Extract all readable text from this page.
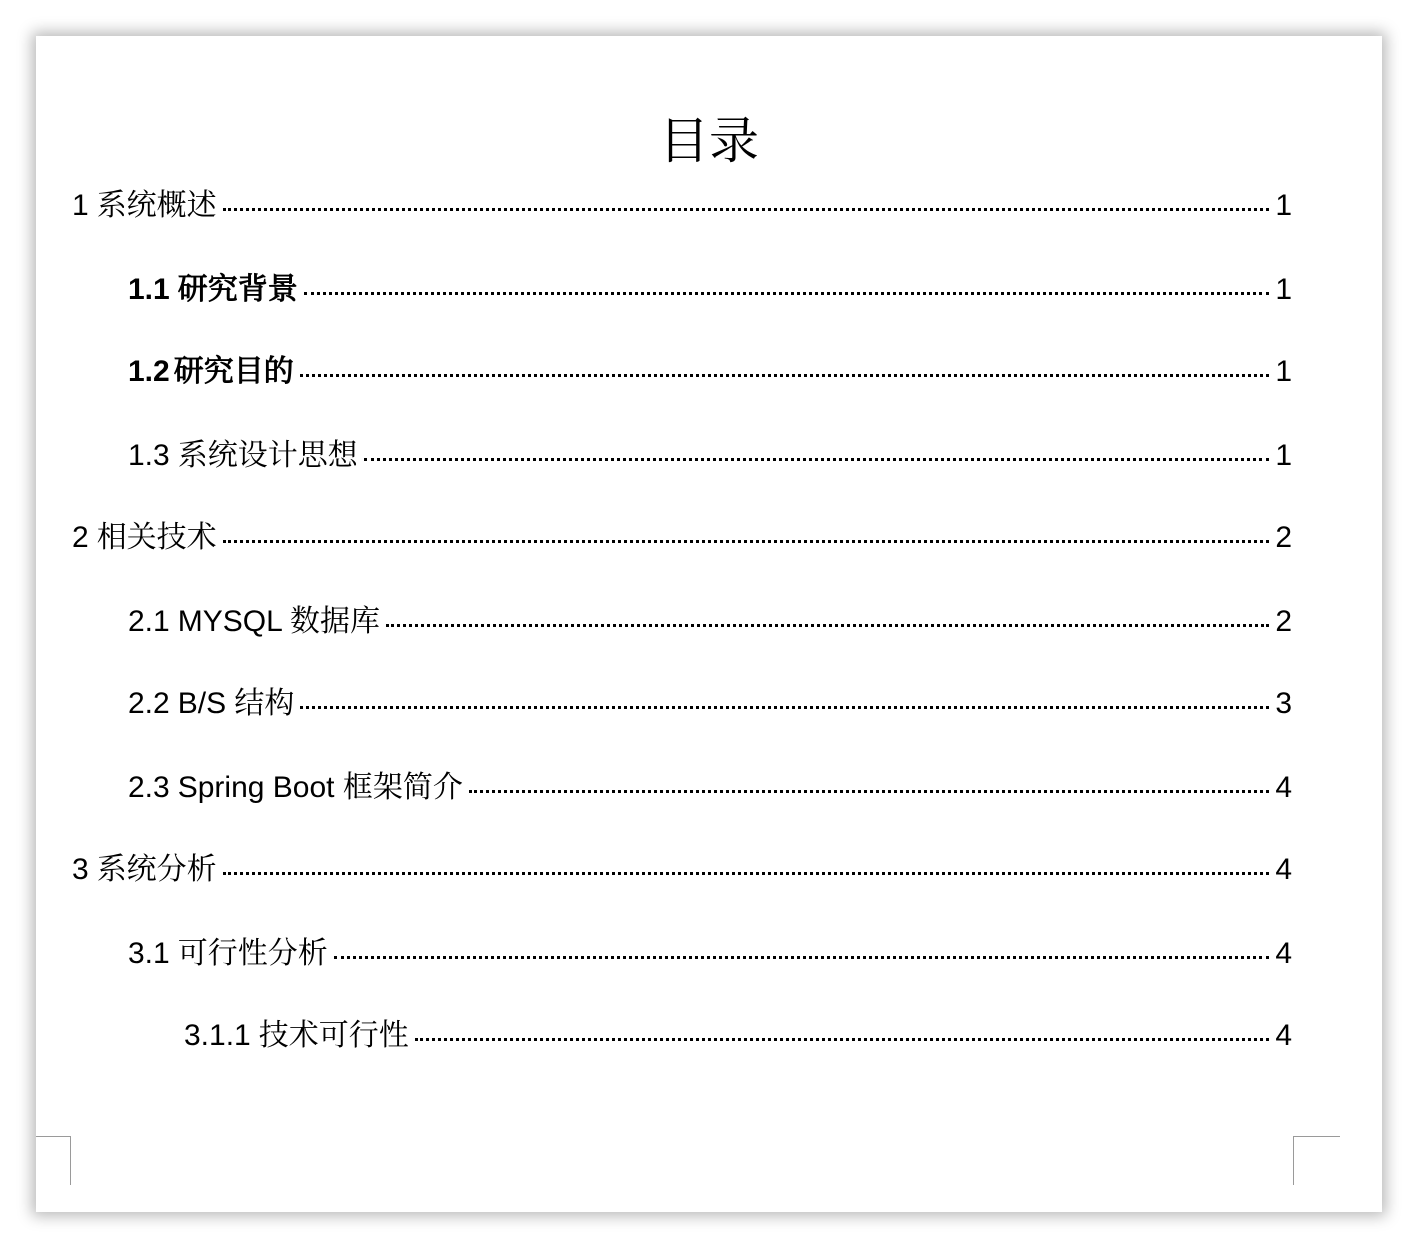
目录
1 系统概述	1
1.1 研究背景	1
1.2 研究目的	1
1.3 系统设计思想	1
2 相关技术	2
2.1 MYSQL 数据库	2
2.2 B/S 结构	3
2.3 Spring Boot 框架简介	4
3 系统分析	4
3.1 可行性分析	4
3.1.1 技术可行性	4
